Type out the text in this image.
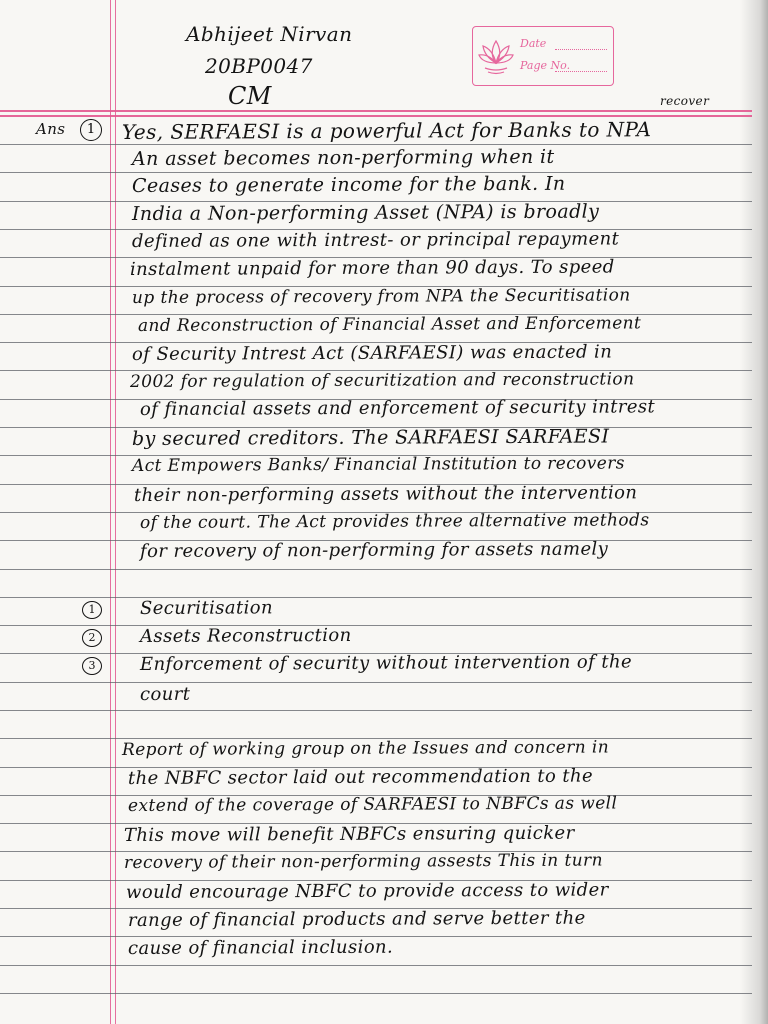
Abhijeet Nirvan
20BP0047
CM
Date
Page No.
Ans	1
recover
Yes, SERFAESI is a powerful Act for Banks to NPA
An asset becomes non-performing when it
Ceases to generate income for the bank. In
India a Non-performing Asset (NPA) is broadly
defined as one with intrest- or principal repayment
instalment unpaid for more than 90 days. To speed
up the process of recovery from NPA the Securitisation
and Reconstruction of Financial Asset and Enforcement
of Security Intrest Act (SARFAESI) was enacted in
2002 for regulation of securitization and reconstruction
of financial assets and enforcement of security intrest
by secured creditors. The SARFAESI SARFAESI
Act Empowers Banks/ Financial Institution to recovers
their non-performing assets without the intervention
of the court. The Act provides three alternative methods
for recovery of non-performing for assets namely
1	Securitisation
2	Assets Reconstruction
3	Enforcement of security without intervention of the
court
Report of working group on the Issues and concern in
the NBFC sector laid out recommendation to the
extend of the coverage of SARFAESI to NBFCs as well
This move will benefit NBFCs ensuring quicker
recovery of their non-performing assests This in turn
would encourage NBFC to provide access to wider
range of financial products and serve better the
cause of financial inclusion.
